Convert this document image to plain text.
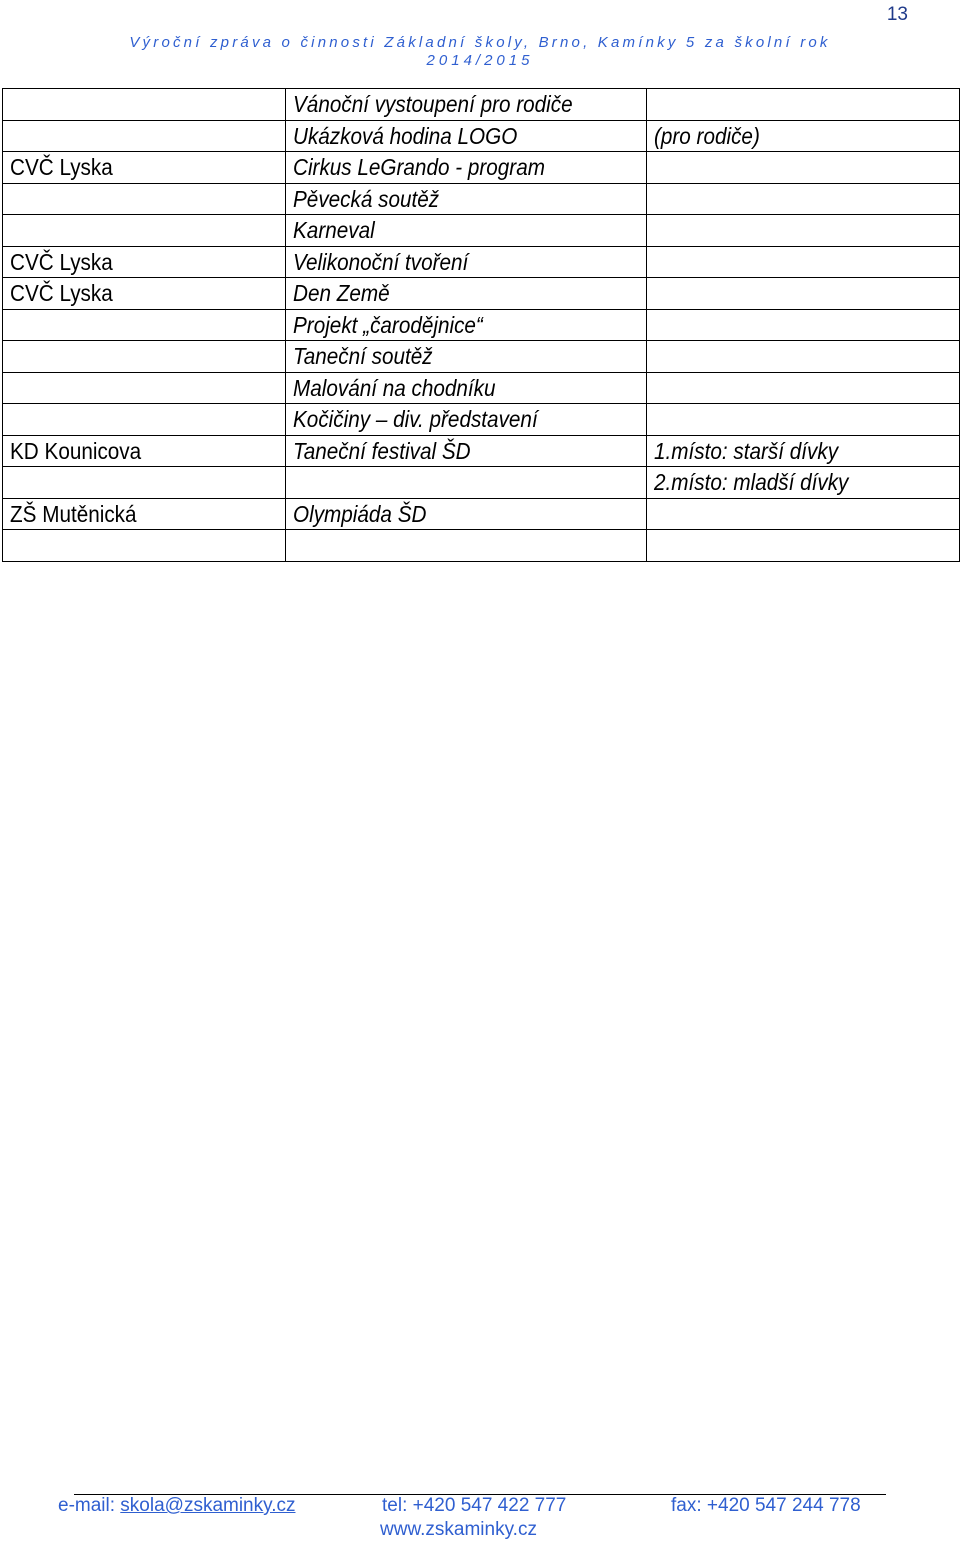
13
Výroční zpráva o činnosti Základní školy, Brno, Kamínky 5 za školní rok
2014/2015
	Vánoční vystoupení pro rodiče	
	Ukázková hodina LOGO	(pro rodiče)
CVČ Lyska	Cirkus LeGrando - program	
	Pěvecká soutěž	
	Karneval	
CVČ Lyska	Velikonoční tvoření	
CVČ Lyska	Den Země	
	Projekt „čarodějnice“	
	Taneční soutěž	
	Malování na chodníku	
	Kočičiny – div. představení	
KD Kounicova	Taneční festival ŠD	1.místo: starší dívky
		2.místo: mladší dívky
ZŠ Mutěnická	Olympiáda ŠD	

e-mail: skola@zskaminky.cz	tel: +420 547 422 777	fax: +420 547 244 778
www.zskaminky.cz
